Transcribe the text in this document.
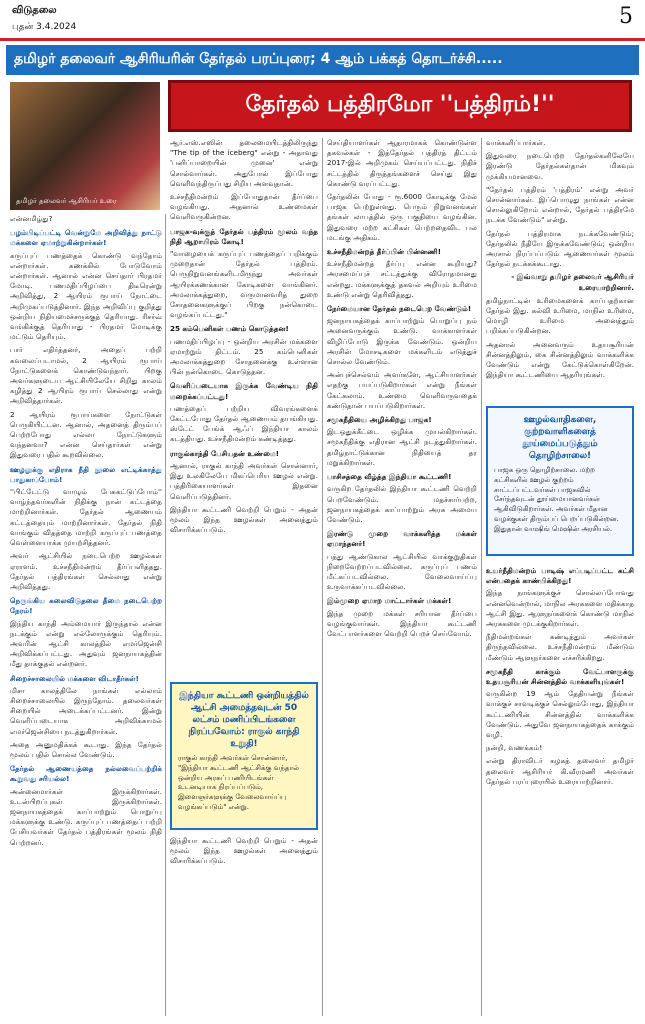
விடுதலை
புதன் 3.4.2024	5
தமிழர் தலைவர் ஆசிரியரின் தேர்தல் பரப்புரை; 4 ஆம் பக்கத் தொடர்ச்சி.....
தமிழர் தலைவர் ஆசிரியர் உரை
தேர்தல் பத்திரமோ ''பத்திரம்!''

என்னமிழ்து?

பழம்பிடிப்பட்டி வென்றுமே அறிவித்து நாட்டு மக்களை ஏமாற்றுகின்றார்கள்!

கருப்புப் பணத்தைக் கொண்டு வந்தோம் என்றார்கள். கணக்கில் போடுவோம் என்றார்கள். ஆனால் என்ன செய்தார் பிரதமர் மோடி. பணமதிப்பிழப்பை திடீரென்று அறிவித்து, 2 ஆயிரம் ரூபாய் நோட்டை அறிமுகப்படுத்தினார். இந்த அறிவிப்பு குறித்து ஒன்றிய நிதியமைச்சருக்குத் தெரியாது. ரிசர்வ் வங்கிக்குத் தெரியாது - பிரதமர் மோடிக்கு மட்டும் தெரியும்.

பார் எதிர்த்தனர், அதைப் பற்றி கவலைப்படாமல், 2 ஆயிரம் ரூபாய் நோட்டுகளைக் கொண்டுவந்தார். பிறகு அவர்களுடைய ஆட்சியிலேயே சிறிது காலம் கழித்து 2 ஆயிரம் ரூபாய் செல்லாது என்று அறிவித்தார்கள்.

2 ஆயிரம் ரூபாய்களை நோட்டுகள் பெருகியிட்டன. ஆனால், அதனைத் திரும்பப் பெற்றபோது எல்லா நோட்டுகளும் வந்தனவா? என்ன செய்தார்கள் என்று இதுவரை பதில் கூறவில்லை.

ஊழலுக்கு எதிராக நீதி நூலை எட்டிக்காத்து பாதுகாப்போம்!

''பிட்டேட்டு வாழும் பேசுகட்டுப்போம்'' வாழ்ந்தவர்களின் நிதிக்கு நான் கட்டத்தை மாற்றினார்கள். தேர்தல் ஆணையம் கட்டத்தையும் மாற்றினார்கள். தேர்தல் நிதி வாங்கும் விதத்தை மாற்றி கருப்புப் பணத்தை வெள்ளையாக்க முயற்சித்தனர்.

அவர் ஆட்சியில் நடைபெற்ற ஊழல்கள் ஏராளம். உச்சநீதிமன்றம் தீர்ப்பளித்தது. தேர்தல் பத்திரங்கள் செல்லாது என்று அறிவித்தது.

நெருங்கிய கலைவிடுதலை தீமை நடைபெற்ற நேரம்!

இந்திய காந்தி அம்மையார் இருந்தால் என்ன நடக்கும் என்று எல்லோருக்கும் தெரியும். அவரின் ஆட்சி காலத்தில் எமர்ஜென்சி அறிவிக்கப்பட்டது. அதுவும் ஜனநாயகத்தின் மீது தாக்குதல் என்றனர்.

சிறைச்சாலையில் மக்களை விடாதீர்கள்!

மிசா காலத்திலே நாங்கள் எல்லாம் சிறைச்சாலையில் இருந்தோம். தலைவர்கள் சிறையில் அடைக்கப்பட்டனர். இன்று வெளிப்படையாக அறிவிக்காமல் எமர்ஜென்சியை நடத்துகிறார்கள்.

அதை அனுமதிக்கக் கூடாது. இந்த தேர்தல் மூலம் பதில் சொல்ல வேண்டும்.

தேர்தல் ஆணையத்தை நல்லவைப்பற்றிக் கூறுவது சரியல்ல!

அன்னைமார்கள் இருக்கிறார்கள். உடன்பிறப்புகள் இருக்கிறார்கள். ஜனநாயகத்தைக் காப்பாற்றும் பொறுப்பு மக்களுக்கு உண்டு. கருப்புப் பணத்தைப் பற்றி பேசியவர்கள் தேர்தல் பத்திரங்கள் மூலம் நிதி பெற்றனர்.

ஆர்.எஸ்.எஸின் தலைமையிடத்திலிருந்து "The tip of the iceberg" என்று - அதாவது 'பனிப்பாறையின் முனை' என்று சொல்வார்கள். அதுபோல் இப்போது வெளிவந்திருப்பது சிறிய அளவுதான்.

உச்சநீதிமன்றம் இப்போதுதான் தீர்ப்பை வழங்கியது. அதனால் உண்மைகள் வெளிவருகின்றன.

பாஜக-வுக்குத் தேர்தல் பத்திரம் மூலம் வந்த நிதி ஆறாயிரம் கோடி!

"வாழையைக் கருப்புப் பணத்தைப் பறிக்கும் முறைதான் தேர்தல் பத்திரம். பெருநிறுவனங்களிடமிருந்து அவர்கள் ஆயிரக்கணக்கான கோடிகளை வாங்கினர். அமலாக்கத்துறை, வருமானவரித் துறை சோதனைகளுக்குப் பிறகு நன்கொடை வழங்கப்பட்டது."

25 கம்பெனிகள் பணம் கொடுத்தன!

பணமதிப்பிழப்பு - ஒன்றிய அரசின் மக்களை ஏமாற்றும் திட்டம். 25 கம்பெனிகள் அமலாக்கத்துறை சோதனைக்கு உள்ளான பின் நன்கொடை கொடுத்தன.

வெளிப்படையாக இருக்க வேண்டிய நிதி மறைக்கப்பட்டது!

பணத்தைப் பற்றிய விவரங்களைக் கேட்டபோது தேர்தல் ஆணையம் தயங்கியது. ஸ்டேட் பேங்க் ஆஃப் இந்தியா காலம் கடத்தியது. உச்சநீதிமன்றம் கண்டித்தது.

ராகுல்காந்தி பேசியதன் உண்மை!

ஆனால், ராகுல் காந்தி அவர்கள் சொன்னார், இது உலகிலேயே மிகப்பெரிய ஊழல் என்று. பத்திரிகையாளர்கள் இதனை வெளிப்படுத்தினர்.

இந்தியா கூட்டணி வெற்றி பெறும் - அதன் மூலம் இந்த ஊழல்கள் அனைத்தும் விசாரிக்கப்படும்.

இந்தியா கூட்டணி ஒன்றியத்தில் ஆட்சி அமைத்தவுடன் 50 லட்சம் மணிப்பிடங்களை நிரப்பவோம்: ராகுல் காந்தி உறுதி!

ராகுல் காந்தி அவர்கள் சொன்னார், "இந்தியா கூட்டணி ஆட்சிக்கு வந்தால் ஒன்றிய அரசுப் பணியிடங்கள் உடனடியாக நிரப்பப்படும், இளைஞர்களுக்கு வேலைவாய்ப்பு வழங்கப்படும்" என்று.

இந்தியா கூட்டணி வெற்றி பெறும் - அதன் மூலம் இந்த ஊழல்கள் அனைத்தும் விசாரிக்கப்படும்.

செய்தியாளர்கள் ஆதாரமாகக் கொண்டுள்ள தகவல்கள் - இத்தேர்தல் பத்திரத் திட்டம் 2017-இல் அறிமுகம் செய்யப்பட்டது. நிதிச் சட்டத்தில் திருத்தங்களைச் செய்து இது கொண்டு வரப்பட்டது.

தேர்தலின் போது - ரூ.6000 கோடிக்கு மேல் பாஜக பெற்றுள்ளது. பெரும் நிறுவனங்கள் தங்கள் லாபத்தில் ஒரு பகுதியை வழங்கின. இதுவரை மற்ற கட்சிகள் பெற்றதைவிட பல மடங்கு அதிகம்.

உச்சநீதிமன்றத் தீர்ப்பின் பின்னணி!

உச்சநீதிமன்றத் தீர்ப்பு என்ன கூறியது? அரசமைப்புச் சட்டத்துக்கு விரோதமானது என்றது. மக்களுக்குத் தகவல் அறியும் உரிமை உண்டு என்று தெரிவித்தது.

நேர்மையான தேர்தல் நடைபெற வேண்டும்!

ஜனநாயகத்தைக் காப்பாற்றும் பொறுப்பு நம் அனைவருக்கும் உண்டு. வாக்காளர்கள் விழிப்போடு இருக்க வேண்டும். ஒன்றிய அரசின் மோசடிகளை மக்களிடம் எடுத்துச் சொல்ல வேண்டும்.

அன்புச்செல்வம் அவர்களே, ஆட்சியாளர்கள் எதற்கு பயப்படுகிறார்கள் என்று நீங்கள் கேட்கலாம். உண்மை வெளிவருவதைக் கண்டுதான் பயப்படுகிறார்கள்.

சமூகநீதியை அழிக்கிறது பாஜக!

இடஒதுக்கீட்டை ஒழிக்க முயல்கிறார்கள். சமூகநீதிக்கு எதிரான ஆட்சி நடத்துகிறார்கள். தமிழ்நாட்டுக்கான நிதியைத் தர மறுக்கிறார்கள்.

பாசிசத்தை வீழ்த்த இந்தியா கூட்டணி!

வருகிற தேர்தலில் இந்தியா கூட்டணி வெற்றி பெறவேண்டும். மதச்சார்பற்ற, ஜனநாயகத்தைக் காப்பாற்றும் அரசு அமைய வேண்டும்.

இரண்டு முறை வாக்களித்த மக்கள் ஏமாந்தனர்!

பத்து ஆண்டுகால ஆட்சியில் வாக்குறுதிகள் நிறைவேற்றப்படவில்லை. கருப்புப் பணம் மீட்கப்படவில்லை. வேலைவாய்ப்பு உருவாக்கப்படவில்லை.

இம்முறை ஏமாற மாட்டார்கள் மக்கள்!

இந்த முறை மக்கள் சரியான தீர்ப்பை வழங்குவார்கள். இந்தியா கூட்டணி வேட்பாளர்களை வெற்றி பெறச் செய்வோம்.

வாக்களிப்பார்கள்.

இதுவரை நடைபெற்ற தேர்தல்களிலேயே இரண்டு தேர்தல்கள்தான் மிகவும் முக்கியமானவை.

"தேர்தல் பத்திரம் 'பத்திரம்' என்று அவர் சொன்னார்கள். இப்பொழுது நாங்கள் என்ன சொல்லுகிறோம் என்றால், தேர்தல் பத்திரமே நடக்க வேண்டும்" என்று.

தேர்தல் பத்திரமாக நடக்கவேண்டும்; தேர்தலில் நீதியே இருக்கவேண்டும்; ஒன்றிய அரசால் நிரப்பப்படும் ஆணையர்கள் மூலம் தேர்தல் நடக்கக்கூடாது.

- இவ்வாறு தமிழர் தலைவர் ஆசிரியர் உரையாற்றினார்.

தமிழ்நாட்டின் உரிமைகளைக் காப்பதற்கான தேர்தல் இது. கல்வி உரிமை, மாநில உரிமை, மொழி உரிமை அனைத்தும் பறிக்கப்படுகின்றன.

அதனால் அனைவரும் உதயசூரியன் சின்னத்திலும், கை சின்னத்திலும் வாக்களிக்க வேண்டும் என்று கேட்டுக்கொள்கிறேன். இந்தியா கூட்டணியை ஆதரியுங்கள்.

ஊழல்வாதிகளை, குற்றவாளிகளைத் தூய்மைப்படுத்தும் தொழிற்சாலை!

பாஜக ஒரு தொழிற்சாலை. மற்ற கட்சிகளில் ஊழல் குற்றம் சாட்டப்பட்டவர்கள் பாஜகவில் சேர்ந்தவுடன் தூய்மையானவர்கள் ஆகிவிடுகிறார்கள். அவர்கள் மீதான வழக்குகள் திரும்பப் பெறப்படுகின்றன. இதுதான் வாஷிங் மெஷின் அரசியல்.

உயர்நீதிமன்றம் பாடிஷ் எப்படிப்பட்ட கட்சி என்பதைக் காண்பிக்கிறது!

இந்த நாங்களுக்குச் சொல்லப்போவது என்னவென்றால், மாநில அரசுகளை மதிக்காத ஆட்சி இது. ஆளுநர்களைக் கொண்டு மாநில அரசுகளை முடக்குகிறார்கள்.

நீதிமன்றங்கள் கண்டித்தும் அவர்கள் திருந்தவில்லை. உச்சநீதிமன்றம் மீண்டும் மீண்டும் ஆளுநர்களை எச்சரிக்கிறது.

சமூகநீதி காக்கும் வேட்பாளருக்கு உதயசூரியன் சின்னத்தில் வாக்களியுங்கள்!

வருகின்ற 19 ஆம் தேதியன்று நீங்கள் வாக்குச் சாவடிக்குச் செல்லும்போது, இந்தியா கூட்டணியின் சின்னத்தில் வாக்களிக்க வேண்டும். அதுவே ஜனநாயகத்தைக் காக்கும் வழி.

நன்றி, வணக்கம்!

என்று திராவிடர் கழகத் தலைவர் தமிழர் தலைவர் ஆசிரியர் கி.வீரமணி அவர்கள் தேர்தல் பரப்புரையில் உரையாற்றினார்.
